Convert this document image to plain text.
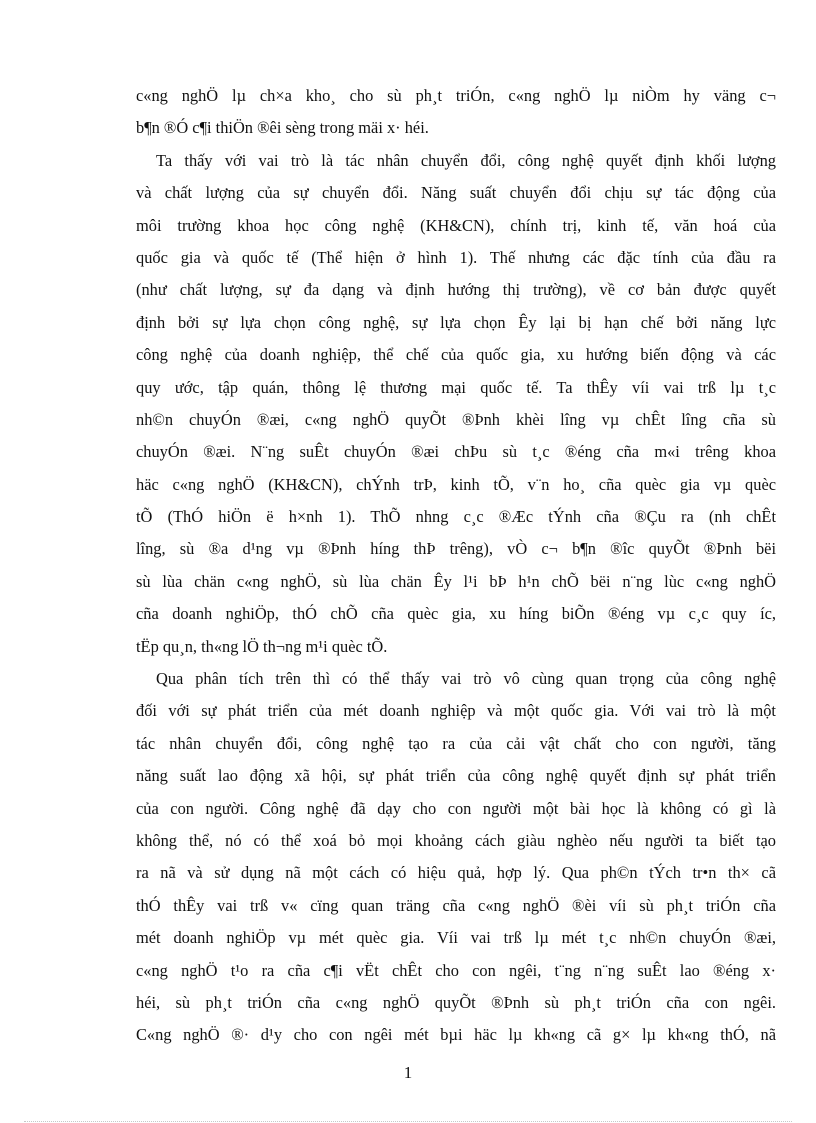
c«ng nghÖ lµ ch×a kho¸ cho sù ph¸t triÓn, c«ng nghÖ lµ niÒm hy väng c¬
b¶n ®Ó c¶i thiÖn ®êi sèng trong mäi x· héi.
Ta thấy với vai trò là tác nhân chuyển đổi, công nghệ quyết định khối lượng
và chất lượng của sự chuyển đổi. Năng suất chuyển đổi chịu sự tác động của
môi trường khoa học công nghệ (KH&CN), chính trị, kinh tế, văn hoá của
quốc gia và quốc tế (Thể hiện ở hình 1). Thế nhưng các đặc tính của đầu ra
(như chất lượng, sự đa dạng và định hướng thị trường), về cơ bản được quyết
định bởi sự lựa chọn công nghệ, sự lựa chọn Êy lại bị hạn chế bởi năng lực
công nghệ của doanh nghiệp, thể chế của quốc gia, xu hướng biến động và các
quy ước, tập quán, thông lệ thương mại quốc tế. Ta thÊy víi vai trß lµ t¸c
nh©n chuyÓn ®æi, c«ng nghÖ quyÕt ®Þnh khèi lîng vµ chÊt lîng cña sù
chuyÓn ®æi. N¨ng suÊt chuyÓn ®æi chÞu sù t¸c ®éng cña m«i trêng khoa
häc c«ng nghÖ (KH&CN), chÝnh trÞ, kinh tÕ, v¨n ho¸ cña quèc gia vµ quèc
tÕ (ThÓ hiÖn ë h×nh 1). ThÕ nhng c¸c ®Æc tÝnh cña ®Çu ra (nh chÊt
lîng, sù ®a d¹ng vµ ®Þnh híng thÞ trêng), vÒ c¬ b¶n ®îc quyÕt ®Þnh bëi
sù lùa chän c«ng nghÖ, sù lùa chän Êy l¹i bÞ h¹n chÕ bëi n¨ng lùc c«ng nghÖ
cña doanh nghiÖp, thÓ chÕ cña quèc gia, xu híng biÕn ®éng vµ c¸c quy íc,
tËp qu¸n, th«ng lÖ th¬ng m¹i quèc tÕ.
Qua phân tích trên thì có thể thấy vai trò vô cùng quan trọng của công nghệ
đối với sự phát triển của mét doanh nghiệp và một quốc gia. Với vai trò là một
tác nhân chuyển đổi, công nghệ tạo ra của cải vật chất cho con người, tăng
năng suất lao động xã hội, sự phát triển của công nghệ quyết định sự phát triển
của con người. Công nghệ đã dạy cho con người một bài học là không có gì là
không thể, nó có thể xoá bỏ mọi khoảng cách giàu nghèo nếu người ta biết tạo
ra nã và sử dụng nã một cách có hiệu quả, hợp lý. Qua ph©n tÝch tr•n th× cã
thÓ thÊy vai trß v« cïng quan träng cña c«ng nghÖ ®èi víi sù ph¸t triÓn cña
mét doanh nghiÖp vµ mét quèc gia. Víi vai trß lµ mét t¸c nh©n chuyÓn ®æi,
c«ng nghÖ t¹o ra cña c¶i vËt chÊt cho con ngêi, t¨ng n¨ng suÊt lao ®éng x·
héi, sù ph¸t triÓn cña c«ng nghÖ quyÕt ®Þnh sù ph¸t triÓn cña con ngêi.
C«ng nghÖ ®· d¹y cho con ngêi mét bµi häc lµ kh«ng cã g× lµ kh«ng thÓ, nã
1
